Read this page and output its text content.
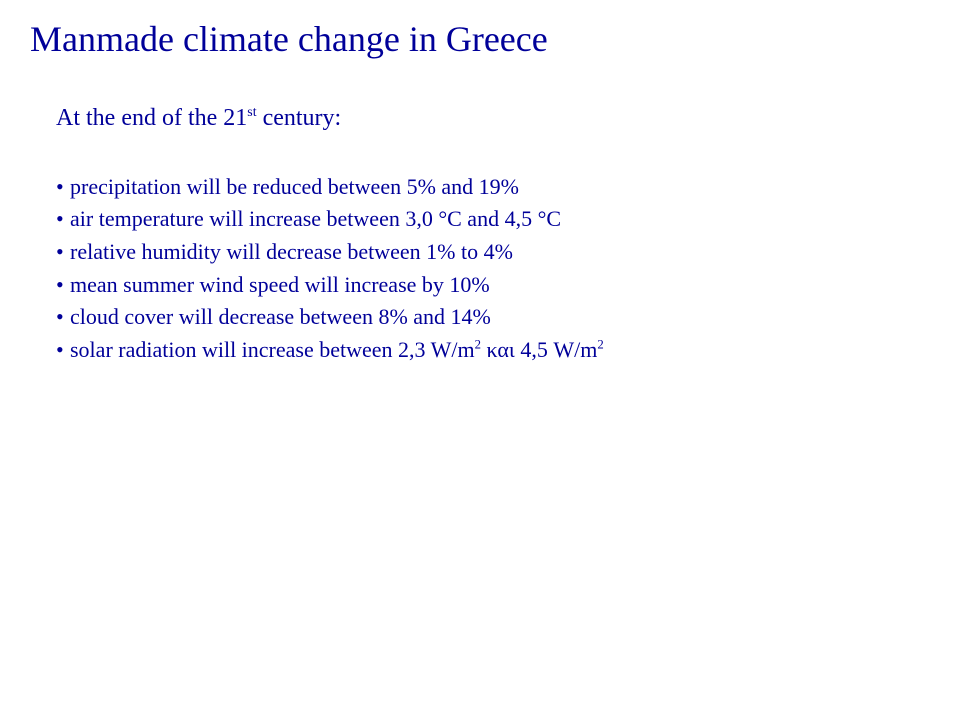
Manmade climate change in Greece

At the end of the 21st century:

• precipitation will be reduced between 5% and 19%
• air temperature will increase between 3,0 °C and 4,5 °C
• relative humidity will decrease between 1% to 4%
• mean summer wind speed will increase by 10%
• cloud cover will decrease between 8% and 14%
• solar radiation will increase between 2,3 $W/m^2$ και 4,5 $W/m^2$
